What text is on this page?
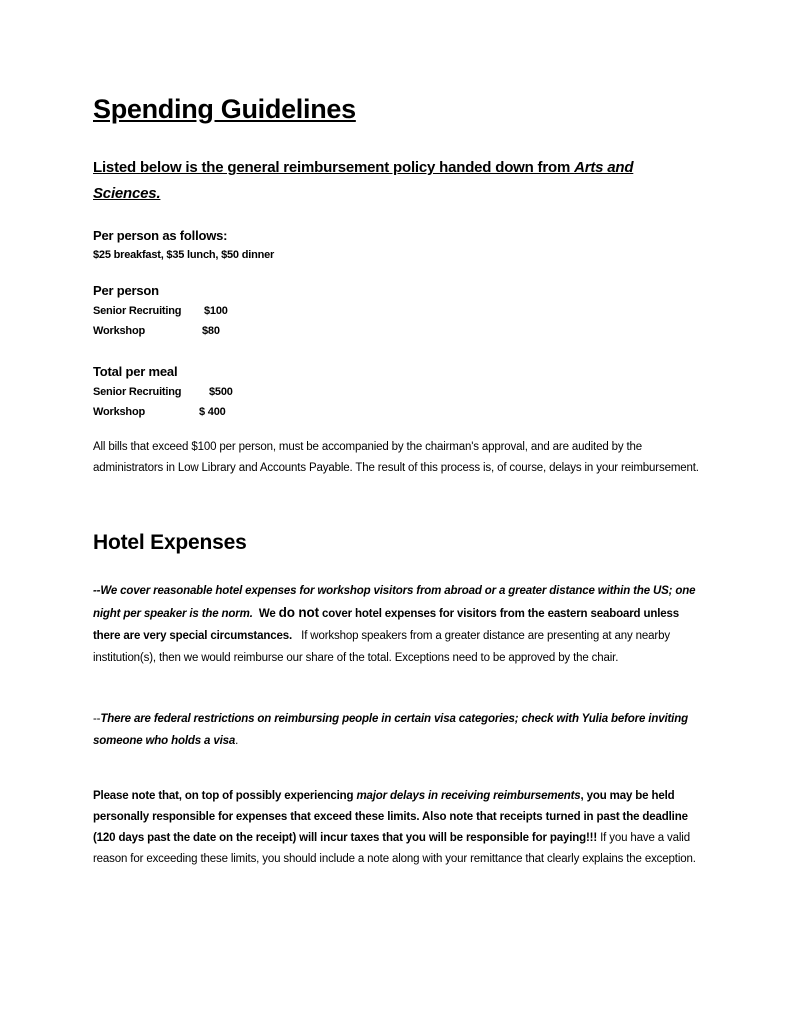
Spending Guidelines
Listed below is the general reimbursement policy handed down from Arts and Sciences.
Per person as follows:
$25 breakfast, $35 lunch, $50 dinner
Per person
Senior Recruiting $100
Workshop	$80
Total per meal
Senior Recruiting	$500
Workshop	$ 400
All bills that exceed $100 per person, must be accompanied by the chairman's approval, and are audited by the administrators in Low Library and Accounts Payable. The result of this process is, of course, delays in your reimbursement.
Hotel Expenses
--We cover reasonable hotel expenses for workshop visitors from abroad or a greater distance within the US; one night per speaker is the norm. We do not cover hotel expenses for visitors from the eastern seaboard unless there are very special circumstances. If workshop speakers from a greater distance are presenting at any nearby institution(s), then we would reimburse our share of the total. Exceptions need to be approved by the chair.
--There are federal restrictions on reimbursing people in certain visa categories; check with Yulia before inviting someone who holds a visa.
Please note that, on top of possibly experiencing major delays in receiving reimbursements, you may be held personally responsible for expenses that exceed these limits. Also note that receipts turned in past the deadline (120 days past the date on the receipt) will incur taxes that you will be responsible for paying!!! If you have a valid reason for exceeding these limits, you should include a note along with your remittance that clearly explains the exception.
